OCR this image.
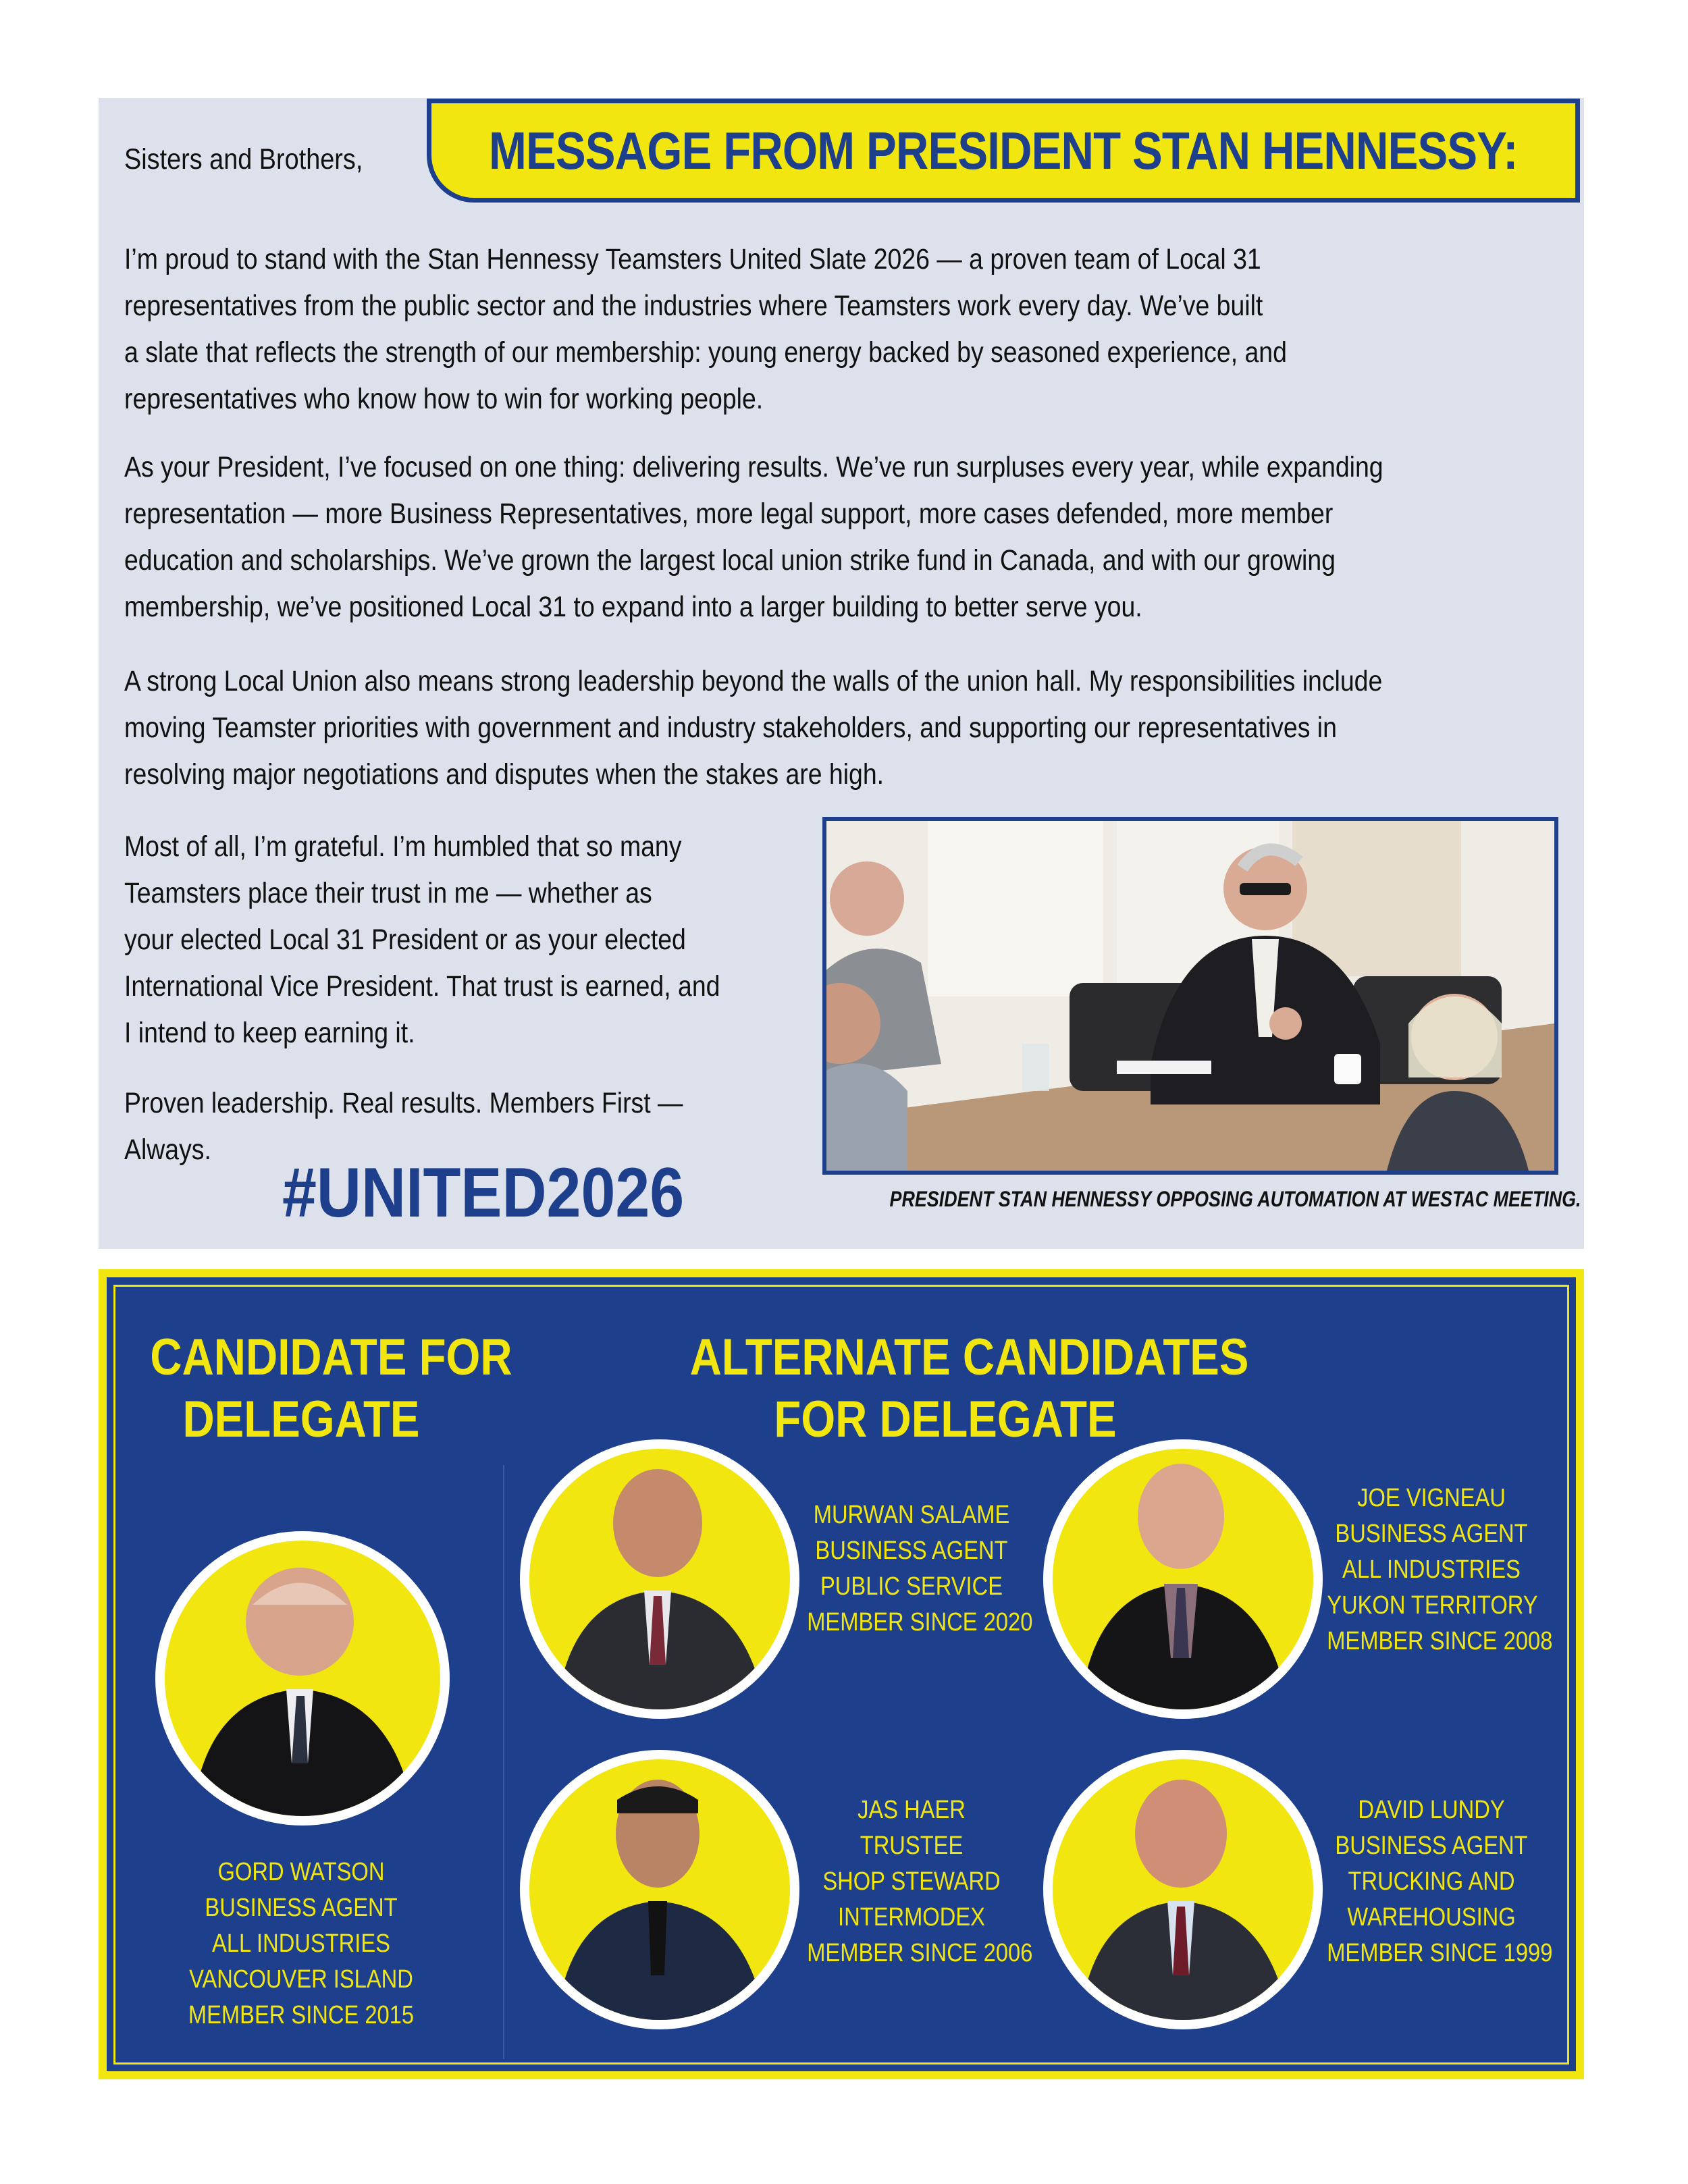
MESSAGE FROM PRESIDENT STAN HENNESSY:
Sisters and Brothers,
I’m proud to stand with the Stan Hennessy Teamsters United Slate 2026 — a proven team of Local 31
representatives from the public sector and the industries where Teamsters work every day. We’ve built
a slate that reflects the strength of our membership: young energy backed by seasoned experience, and
representatives who know how to win for working people.
As your President, I’ve focused on one thing: delivering results. We’ve run surpluses every year, while expanding
representation — more Business Representatives, more legal support, more cases defended, more member
education and scholarships. We’ve grown the largest local union strike fund in Canada, and with our growing
membership, we’ve positioned Local 31 to expand into a larger building to better serve you.
A strong Local Union also means strong leadership beyond the walls of the union hall. My responsibilities include
moving Teamster priorities with government and industry stakeholders, and supporting our representatives in
resolving major negotiations and disputes when the stakes are high.
Most of all, I’m grateful. I’m humbled that so many
Teamsters place their trust in me — whether as
your elected Local 31 President or as your elected
International Vice President. That trust is earned, and
I intend to keep earning it.
Proven leadership. Real results. Members First —
Always.
#UNITED2026	PRESIDENT STAN HENNESSY OPPOSING AUTOMATION AT WESTAC MEETING.
CANDIDATE FOR
DELEGATE
ALTERNATE CANDIDATES
FOR DELEGATE
GORD WATSON
BUSINESS AGENT
ALL INDUSTRIES
VANCOUVER ISLAND
MEMBER SINCE 2015
MURWAN SALAME
BUSINESS AGENT
PUBLIC SERVICE
MEMBER SINCE 2020
JOE VIGNEAU
BUSINESS AGENT
ALL INDUSTRIES
YUKON TERRITORY
MEMBER SINCE 2008
JAS HAER
TRUSTEE
SHOP STEWARD
INTERMODEX
MEMBER SINCE 2006
DAVID LUNDY
BUSINESS AGENT
TRUCKING AND
WAREHOUSING
MEMBER SINCE 1999
